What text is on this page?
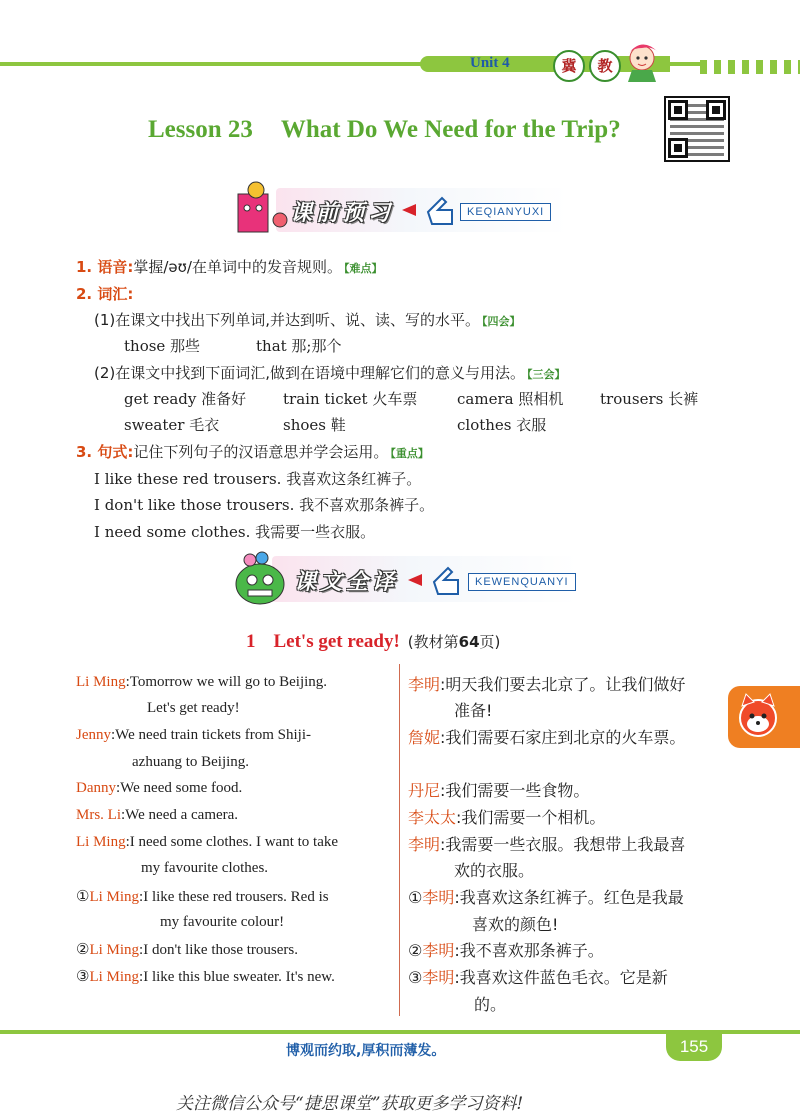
Unit 4	冀	教
Lesson 23 What Do We Need for the Trip?
课前预习	KEQIANYUXI
1. 语音:掌握/əʊ/在单词中的发音规则。 【难点】
2. 词汇:
(1)在课文中找出下列单词,并达到听、说、读、写的水平。 【四会】
those 那些	that 那;那个
(2)在课文中找到下面词汇,做到在语境中理解它们的意义与用法。 【三会】
get ready 准备好 train ticket 火车票	camera 照相机 trousers 长裤
sweater 毛衣	shoes 鞋	clothes 衣服
3. 句式:记住下列句子的汉语意思并学会运用。 【重点】
I like these red trousers. 我喜欢这条红裤子。
I don't like those trousers. 我不喜欢那条裤子。
I need some clothes. 我需要一些衣服。
课文全译	KEWENQUANYI
1 Let's get ready! (教材第64页)
Li Ming:Tomorrow we will go to Beijing.
Let's get ready!
Jenny:We need train tickets from Shiji-
azhuang to Beijing.
Danny:We need some food.
Mrs. Li:We need a camera.
Li Ming:I need some clothes. I want to take
my favourite clothes.
①Li Ming:I like these red trousers. Red is
my favourite colour!
②Li Ming:I don't like those trousers.
③Li Ming:I like this blue sweater. It's new.
李明:明天我们要去北京了。让我们做好
准备!
詹妮:我们需要石家庄到北京的火车票。
丹尼:我们需要一些食物。
李太太:我们需要一个相机。
李明:我需要一些衣服。我想带上我最喜
欢的衣服。
①李明:我喜欢这条红裤子。红色是我最
喜欢的颜色!
②李明:我不喜欢那条裤子。
③李明:我喜欢这件蓝色毛衣。它是新
的。
博观而约取,厚积而薄发。	155
关注微信公众号“捷思课堂”获取更多学习资料!
